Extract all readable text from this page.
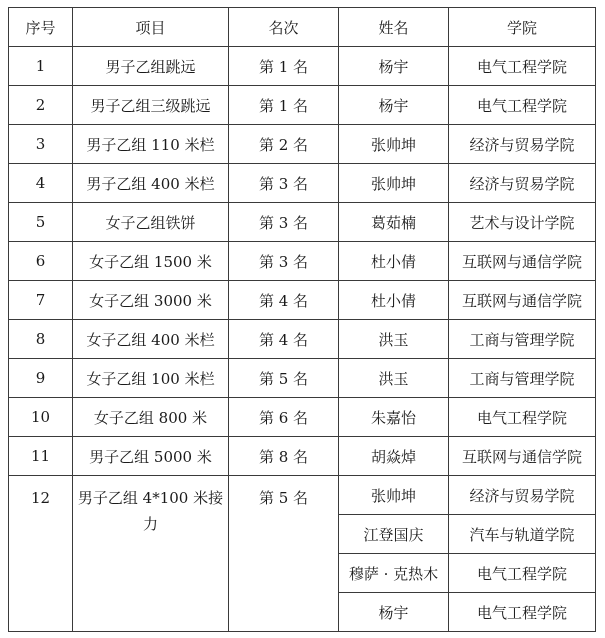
序号	项目	名次	姓名	学院
1	男子乙组跳远	第 1 名	杨宇	电气工程学院
2	男子乙组三级跳远	第 1 名	杨宇	电气工程学院
3	男子乙组 110 米栏	第 2 名	张帅坤	经济与贸易学院
4	男子乙组 400 米栏	第 3 名	张帅坤	经济与贸易学院
5	女子乙组铁饼	第 3 名	葛茹楠	艺术与设计学院
6	女子乙组 1500 米	第 3 名	杜小倩	互联网与通信学院
7	女子乙组 3000 米	第 4 名	杜小倩	互联网与通信学院
8	女子乙组 400 米栏	第 4 名	洪玉	工商与管理学院
9	女子乙组 100 米栏	第 5 名	洪玉	工商与管理学院
10	女子乙组 800 米	第 6 名	朱嘉怡	电气工程学院
11	男子乙组 5000 米	第 8 名	胡焱焯	互联网与通信学院
12	男子乙组 4*100 米接力	第 5 名	张帅坤	经济与贸易学院
			江登国庆	汽车与轨道学院
			穆萨 · 克热木	电气工程学院
			杨宇	电气工程学院
